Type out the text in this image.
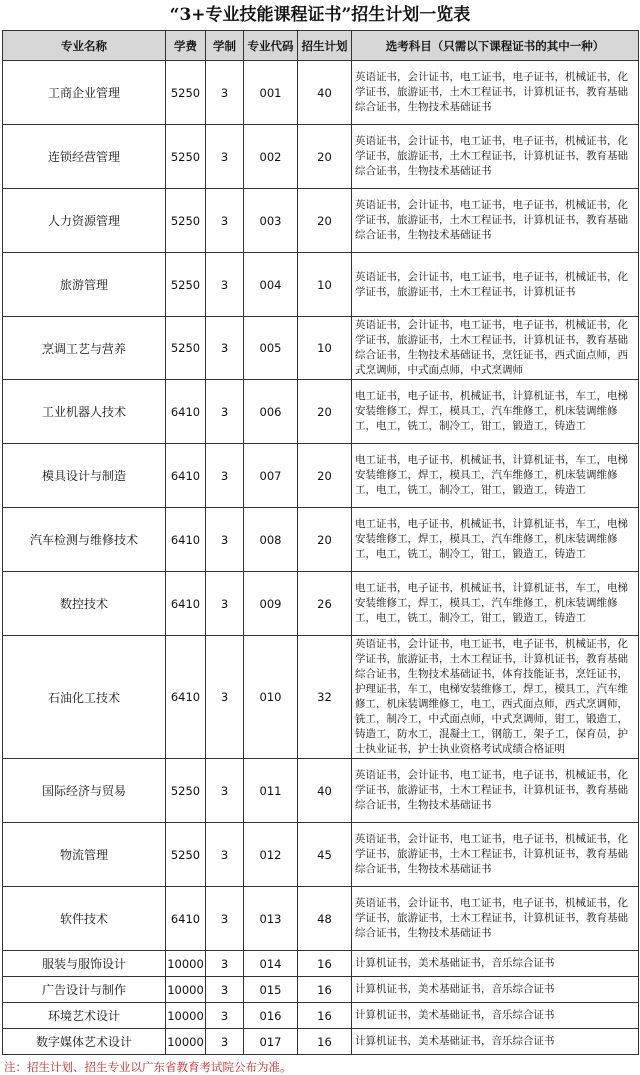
“3+专业技能课程证书”招生计划一览表
专业名称	学费	学制	专业代码	招生计划	选考科目（只需以下课程证书的其中一种）
工商企业管理	5250	3	001	40	英语证书，会计证书，电工证书，电子证书，机械证书，化学证书，旅游证书，土木工程证书，计算机证书，教育基础综合证书，生物技术基础证书
连锁经营管理	5250	3	002	20	英语证书，会计证书，电工证书，电子证书，机械证书，化学证书，旅游证书，土木工程证书，计算机证书，教育基础综合证书，生物技术基础证书
人力资源管理	5250	3	003	20	英语证书，会计证书，电工证书，电子证书，机械证书，化学证书，旅游证书，土木工程证书，计算机证书，教育基础综合证书，生物技术基础证书
旅游管理	5250	3	004	10	英语证书，会计证书，电工证书，电子证书，机械证书，化学证书，旅游证书，土木工程证书，计算机证书
烹调工艺与营养	5250	3	005	10	英语证书，会计证书，电工证书，电子证书，机械证书，化学证书，旅游证书，土木工程证书，计算机证书，教育基础综合证书，生物技术基础证书，烹饪证书，西式面点师，西式烹调师，中式面点师，中式烹调师
工业机器人技术	6410	3	006	20	电工证书，电子证书，机械证书，计算机证书，车工，电梯安装维修工，焊工，模具工，汽车维修工，机床装调维修工，电工，铣工，制冷工，钳工，锻造工，铸造工
模具设计与制造	6410	3	007	20	电工证书，电子证书，机械证书，计算机证书，车工，电梯安装维修工，焊工，模具工，汽车维修工，机床装调维修工，电工，铣工，制冷工，钳工，锻造工，铸造工
汽车检测与维修技术	6410	3	008	20	电工证书，电子证书，机械证书，计算机证书，车工，电梯安装维修工，焊工，模具工，汽车维修工，机床装调维修工，电工，铣工，制冷工，钳工，锻造工，铸造工
数控技术	6410	3	009	26	电工证书，电子证书，机械证书，计算机证书，车工，电梯安装维修工，焊工，模具工，汽车维修工，机床装调维修工，电工，铣工，制冷工，钳工，锻造工，铸造工
石油化工技术	6410	3	010	32	英语证书，会计证书，电工证书，电子证书，机械证书，化学证书，旅游证书，土木工程证书，计算机证书，教育基础综合证书，生物技术基础证书，体育技能证书，烹饪证书，护理证书，车工，电梯安装维修工，焊工，模具工，汽车维修工，机床装调维修工，电工，西式面点师，西式烹调师，铣工，制冷工，中式面点师，中式烹调师，钳工，锻造工，铸造工，防水工，混凝土工，钢筋工，架子工，保育员，护士执业证书，护士执业资格考试成绩合格证明
国际经济与贸易	5250	3	011	40	英语证书，会计证书，电工证书，电子证书，机械证书，化学证书，旅游证书，土木工程证书，计算机证书，教育基础综合证书，生物技术基础证书
物流管理	5250	3	012	45	英语证书，会计证书，电工证书，电子证书，机械证书，化学证书，旅游证书，土木工程证书，计算机证书，教育基础综合证书，生物技术基础证书
软件技术	6410	3	013	48	英语证书，会计证书，电工证书，电子证书，机械证书，化学证书，旅游证书，土木工程证书，计算机证书，教育基础综合证书，生物技术基础证书
服装与服饰设计	10000	3	014	16	计算机证书，美术基础证书，音乐综合证书
广告设计与制作	10000	3	015	16	计算机证书，美术基础证书，音乐综合证书
环境艺术设计	10000	3	016	16	计算机证书，美术基础证书，音乐综合证书
数字媒体艺术设计	10000	3	017	16	计算机证书，美术基础证书，音乐综合证书
注：招生计划、招生专业以广东省教育考试院公布为准。
